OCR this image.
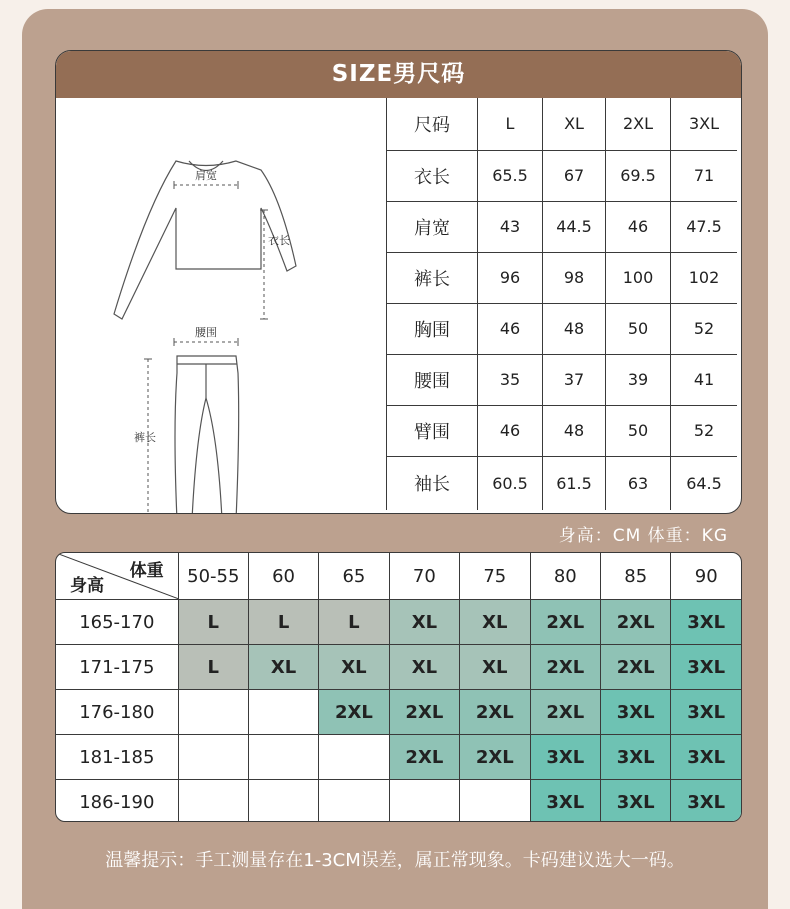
SIZE男尺码
肩宽
衣长
腰围
裤长
尺码	L	XL	2XL	3XL
衣长	65.5	67	69.5	71
肩宽	43	44.5	46	47.5
裤长	96	98	100	102
胸围	46	48	50	52
腰围	35	37	39	41
臂围	46	48	50	52
袖长	60.5	61.5	63	64.5
身高：CM 体重：KG
体重
身高	50-55	60	65	70	75	80	85	90
165-170	L	L	L	XL	XL	2XL	2XL	3XL
171-175	L	XL	XL	XL	XL	2XL	2XL	3XL
176-180			2XL	2XL	2XL	2XL	3XL	3XL
181-185				2XL	2XL	3XL	3XL	3XL
186-190						3XL	3XL	3XL
温馨提示：手工测量存在1-3CM误差，属正常现象。卡码建议选大一码。
